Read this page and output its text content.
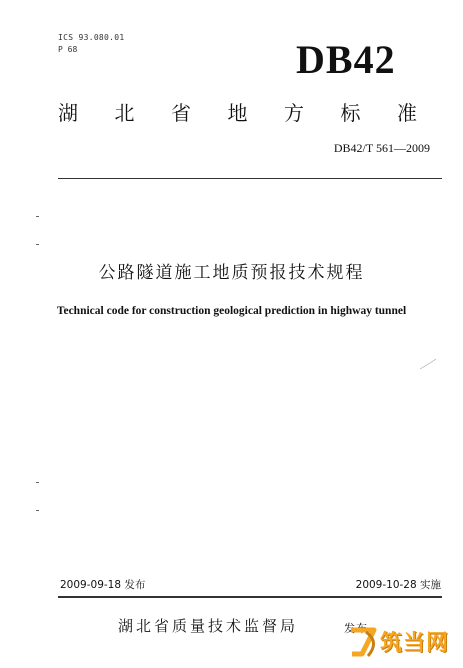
ICS 93.080.01
P 68	DB42
湖北省地方标准
DB42/T 561—2009
公路隧道施工地质预报技术规程
Technical code for construction geological prediction in highway tunnel
2009-09-18 发布	2009-10-28 实施
湖北省质量技术监督局	发布
筑当网
